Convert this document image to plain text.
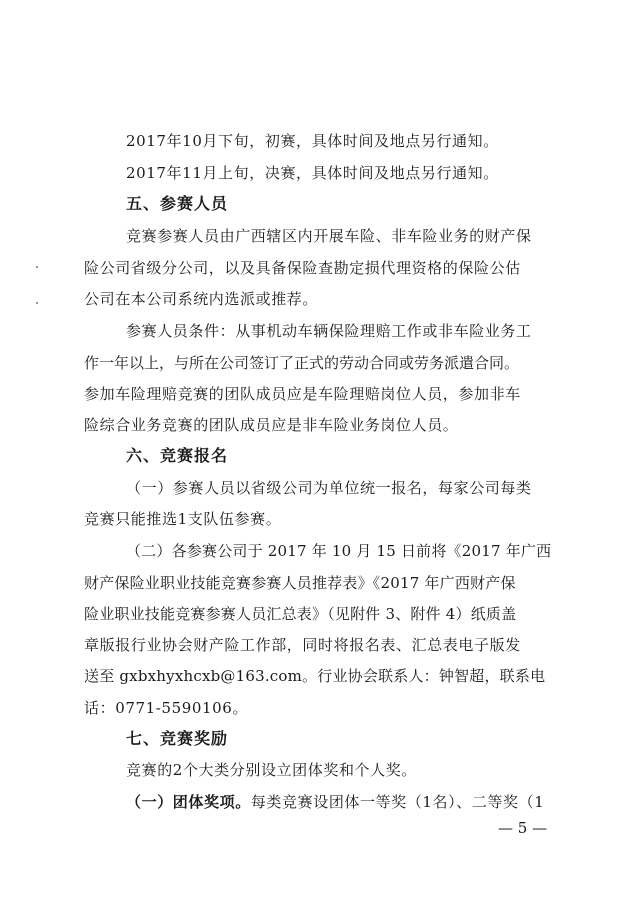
2017年10月下旬，初赛，具体时间及地点另行通知。
2017年11月上旬，决赛，具体时间及地点另行通知。
五、参赛人员
竞赛参赛人员由广西辖区内开展车险、非车险业务的财产保
险公司省级分公司，以及具备保险查勘定损代理资格的保险公估
公司在本公司系统内选派或推荐。
参赛人员条件：从事机动车辆保险理赔工作或非车险业务工
作一年以上，与所在公司签订了正式的劳动合同或劳务派遣合同。
参加车险理赔竞赛的团队成员应是车险理赔岗位人员，参加非车
险综合业务竞赛的团队成员应是非车险业务岗位人员。
六、竞赛报名
（一）参赛人员以省级公司为单位统一报名，每家公司每类
竞赛只能推选1支队伍参赛。
（二）各参赛公司于 2017 年 10 月 15 日前将《2017 年广西
财产保险业职业技能竞赛参赛人员推荐表》《2017 年广西财产保
险业职业技能竞赛参赛人员汇总表》（见附件 3、附件 4）纸质盖
章版报行业协会财产险工作部，同时将报名表、汇总表电子版发
送至 gxbxhyxhcxb@163.com。行业协会联系人：钟智超，联系电
话：0771-5590106。
七、竞赛奖励
竞赛的2个大类分别设立团体奖和个人奖。
（一）团体奖项。每类竞赛设团体一等奖（1名）、二等奖（1
— 5 —
